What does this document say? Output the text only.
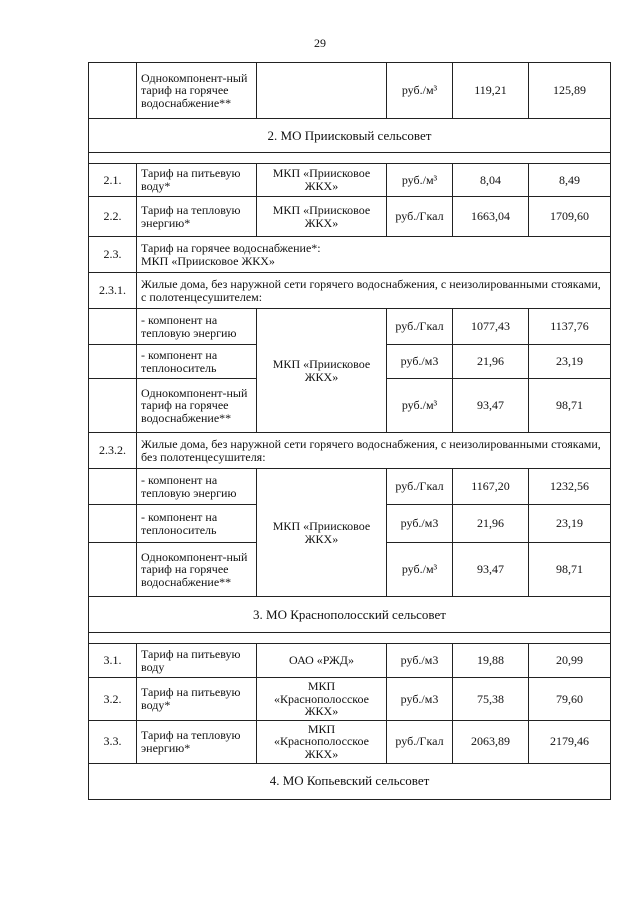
29
	Однокомпонент-ный тариф на горячее водоснабжение**		руб./м³	119,21	125,89
2. МО Приисковый сельсовет					

2.1.	Тариф на питьевую воду*	МКП «Приисковое ЖКХ»	руб./м³	8,04	8,49
2.2.	Тариф на тепловую энергию*	МКП «Приисковое ЖКХ»	руб./Гкал	1663,04	1709,60
2.3.	Тариф на горячее водоснабжение*:
МКП «Приисковое ЖКХ»				

2.3.1.	Жилые дома, без наружной сети горячего водоснабжения, с неизолированными стояками, с полотенцесушителем:				
	- компонент на тепловую энергию	МКП «Приисковое ЖКХ»	руб./Гкал	1077,43	1137,76
	- компонент на теплоноситель		руб./м3	21,96	23,19
	Однокомпонент-ный тариф на горячее водоснабжение**		руб./м³	93,47	98,71
2.3.2.	Жилые дома, без наружной сети горячего водоснабжения, с неизолированными стояками, без полотенцесушителя:				
	- компонент на тепловую энергию	МКП «Приисковое ЖКХ»	руб./Гкал	1167,20	1232,56
	- компонент на теплоноситель		руб./м3	21,96	23,19
	Однокомпонент-ный тариф на горячее водоснабжение**		руб./м³	93,47	98,71
3. МО Краснополосский сельсовет					

3.1.	Тариф на питьевую воду	ОАО «РЖД»	руб./м3	19,88	20,99
3.2.	Тариф на питьевую воду*	МКП «Краснополосское ЖКХ»	руб./м3	75,38	79,60
3.3.	Тариф на тепловую энергию*	МКП «Краснополосское ЖКХ»	руб./Гкал	2063,89	2179,46
4. МО Копьевский сельсовет					
